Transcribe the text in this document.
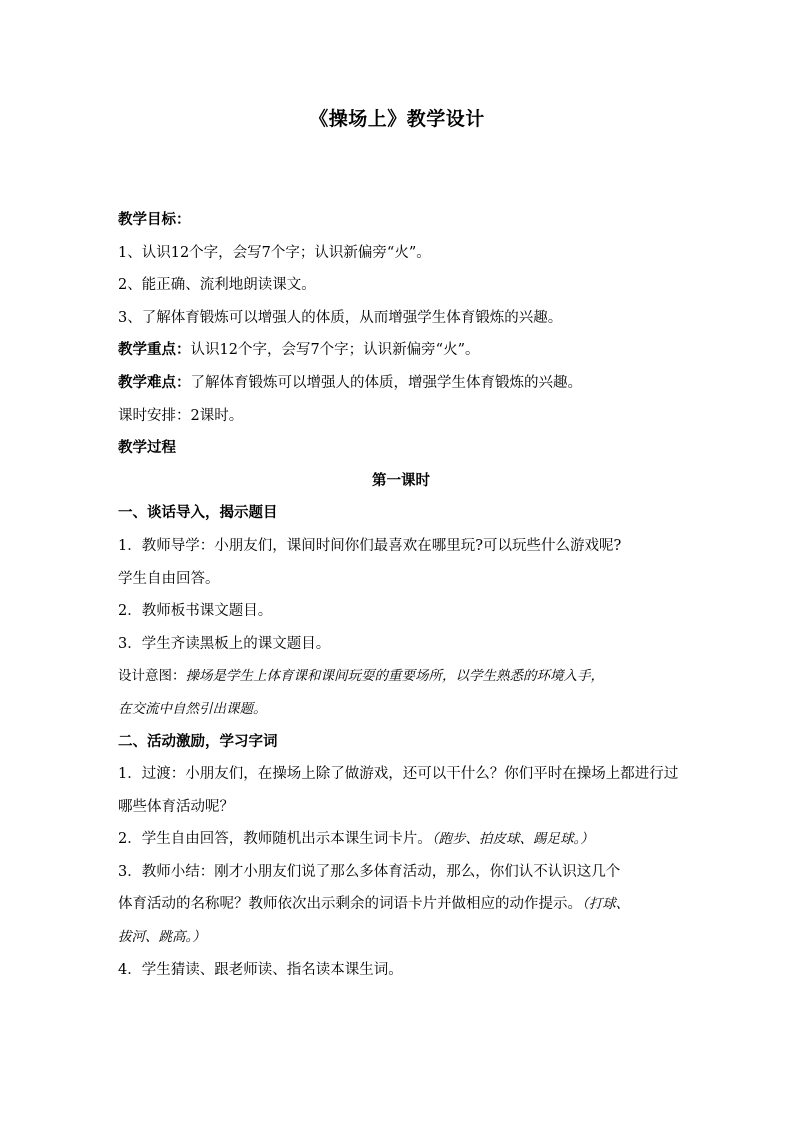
《操场上》教学设计
教学目标：
1、认识12个字，会写7个字；认识新偏旁“火”。
2、能正确、流利地朗读课文。
3、了解体育锻炼可以增强人的体质，从而增强学生体育锻炼的兴趣。
教学重点：认识12个字，会写7个字；认识新偏旁“火”。
教学难点：了解体育锻炼可以增强人的体质，增强学生体育锻炼的兴趣。
课时安排：2课时。
教学过程
第一课时
一、谈话导入，揭示题目
1．教师导学：小朋友们，课间时间你们最喜欢在哪里玩?可以玩些什么游戏呢?
学生自由回答。
2．教师板书课文题目。
3．学生齐读黑板上的课文题目。
设计意图：操场是学生上体育课和课间玩耍的重要场所，以学生熟悉的环境入手，
在交流中自然引出课题。
二、活动激励，学习字词
1．过渡：小朋友们，在操场上除了做游戏，还可以干什么？你们平时在操场上都进行过
哪些体育活动呢？
2．学生自由回答，教师随机出示本课生词卡片。（跑步、拍皮球、踢足球。）
3．教师小结：刚才小朋友们说了那么多体育活动，那么，你们认不认识这几个
体育活动的名称呢？教师依次出示剩余的词语卡片并做相应的动作提示。（打球、
拔河、跳高。）
4．学生猜读、跟老师读、指名读本课生词。
